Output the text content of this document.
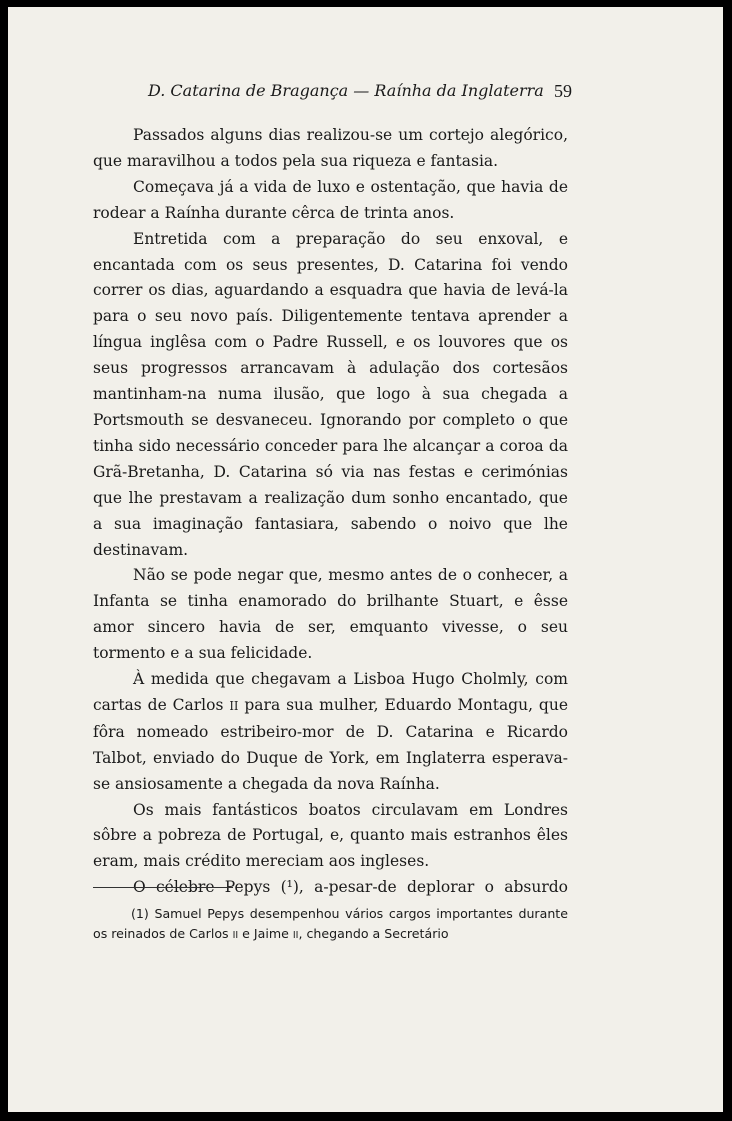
D. Catarina de Bragança — Raínha da Inglaterra 59

Passados alguns dias realizou-se um cortejo alegórico, que maravilhou a todos pela sua riqueza e fantasia.

Começava já a vida de luxo e ostentação, que havia de rodear a Raínha durante cêrca de trinta anos.

Entretida com a preparação do seu enxoval, e encantada com os seus presentes, D. Catarina foi vendo correr os dias, aguardando a esquadra que havia de levá-la para o seu novo país. Diligentemente tentava aprender a língua inglêsa com o Padre Russell, e os louvores que os seus progressos arrancavam à adulação dos cortesãos mantinham-na numa ilusão, que logo à sua chegada a Portsmouth se desvaneceu. Ignorando por completo o que tinha sido necessário conceder para lhe alcançar a coroa da Grã-Bretanha, D. Catarina só via nas festas e cerimónias que lhe prestavam a realização dum sonho encantado, que a sua imaginação fantasiara, sabendo o noivo que lhe destinavam.

Não se pode negar que, mesmo antes de o conhecer, a Infanta se tinha enamorado do brilhante Stuart, e êsse amor sincero havia de ser, emquanto vivesse, o seu tormento e a sua felicidade.

À medida que chegavam a Lisboa Hugo Cholmly, com cartas de Carlos II para sua mulher, Eduardo Montagu, que fôra nomeado estribeiro-mor de D. Catarina e Ricardo Talbot, enviado do Duque de York, em Inglaterra esperava-se ansiosamente a chegada da nova Raínha.

Os mais fantásticos boatos circulavam em Londres sôbre a pobreza de Portugal, e, quanto mais estranhos êles eram, mais crédito mereciam aos ingleses.

O célebre Pepys (¹), a-pesar-de deplorar o absurdo

(1) Samuel Pepys desempenhou vários cargos importantes durante os reinados de Carlos II e Jaime II, chegando a Secretário
